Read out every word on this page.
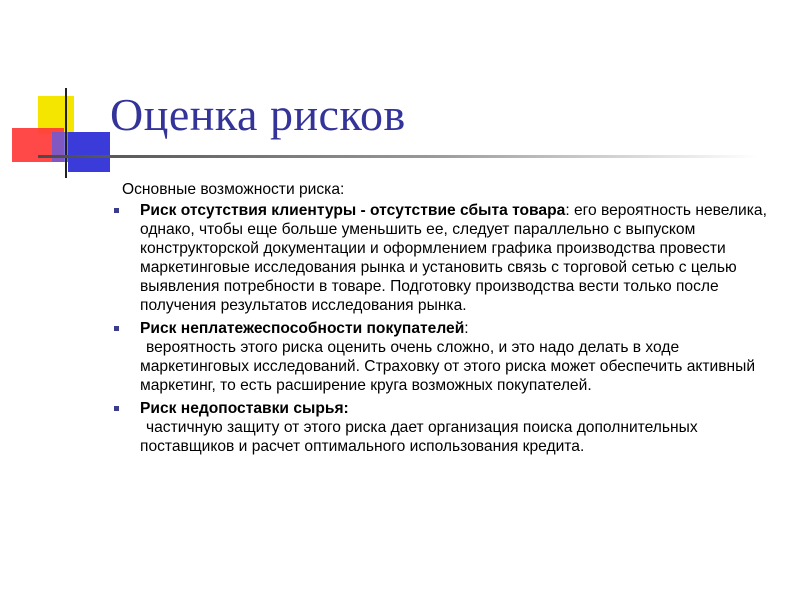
Оценка рисков

Основные возможности риска:

Риск отсутствия клиентуры - отсутствие сбыта товара: его вероятность невелика, однако, чтобы еще больше уменьшить ее, следует параллельно с выпуском конструкторской документации и оформлением графика производства провести маркетинговые исследования рынка и установить связь с торговой сетью с целью выявления потребности в товаре. Подготовку производства вести только после получения результатов исследования рынка.

Риск неплатежеспособности покупателей:

вероятность этого риска оценить очень сложно, и это надо делать в ходе маркетинговых исследований. Страховку от этого риска может обеспечить активный маркетинг, то есть расширение круга возможных покупателей.

Риск недопоставки сырья:

частичную защиту от этого риска дает организация поиска дополнительных поставщиков и расчет оптимального использования кредита.
